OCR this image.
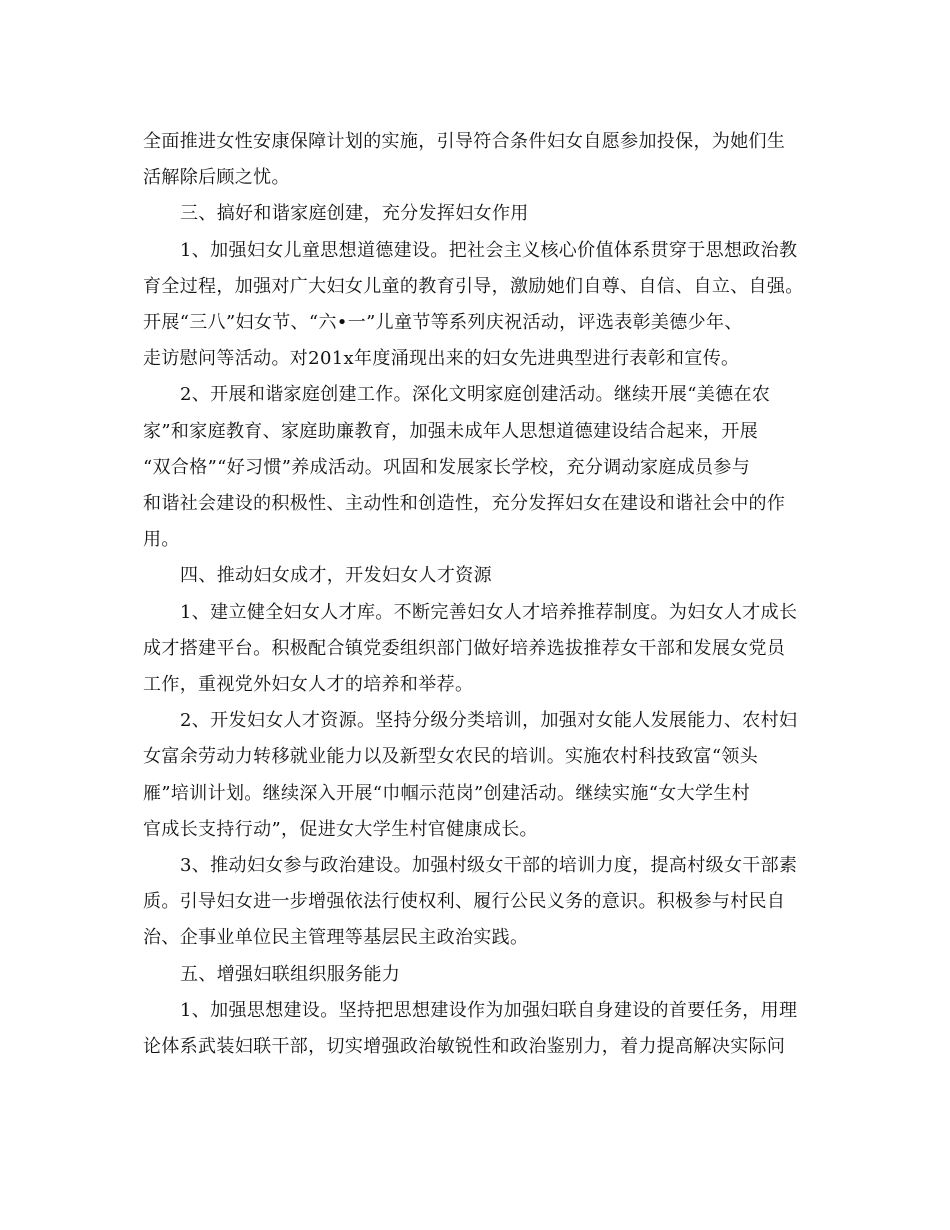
全面推进女性安康保障计划的实施，引导符合条件妇女自愿参加投保，为她们生
活解除后顾之忧。
三、搞好和谐家庭创建，充分发挥妇女作用
1、加强妇女儿童思想道德建设。把社会主义核心价值体系贯穿于思想政治教
育全过程，加强对广大妇女儿童的教育引导，激励她们自尊、自信、自立、自强。
开展“三八”妇女节、“六•一”儿童节等系列庆祝活动，评选表彰美德少年、
走访慰问等活动。对201x年度涌现出来的妇女先进典型进行表彰和宣传。
2、开展和谐家庭创建工作。深化文明家庭创建活动。继续开展“美德在农
家”和家庭教育、家庭助廉教育，加强未成年人思想道德建设结合起来，开展
“双合格”“好习惯”养成活动。巩固和发展家长学校，充分调动家庭成员参与
和谐社会建设的积极性、主动性和创造性，充分发挥妇女在建设和谐社会中的作
用。
四、推动妇女成才，开发妇女人才资源
1、建立健全妇女人才库。不断完善妇女人才培养推荐制度。为妇女人才成长
成才搭建平台。积极配合镇党委组织部门做好培养选拔推荐女干部和发展女党员
工作，重视党外妇女人才的培养和举荐。
2、开发妇女人才资源。坚持分级分类培训，加强对女能人发展能力、农村妇
女富余劳动力转移就业能力以及新型女农民的培训。实施农村科技致富“领头
雁”培训计划。继续深入开展“巾帼示范岗”创建活动。继续实施“女大学生村
官成长支持行动”，促进女大学生村官健康成长。
3、推动妇女参与政治建设。加强村级女干部的培训力度，提高村级女干部素
质。引导妇女进一步增强依法行使权利、履行公民义务的意识。积极参与村民自
治、企事业单位民主管理等基层民主政治实践。
五、增强妇联组织服务能力
1、加强思想建设。坚持把思想建设作为加强妇联自身建设的首要任务，用理
论体系武装妇联干部，切实增强政治敏锐性和政治鉴别力，着力提高解决实际问
